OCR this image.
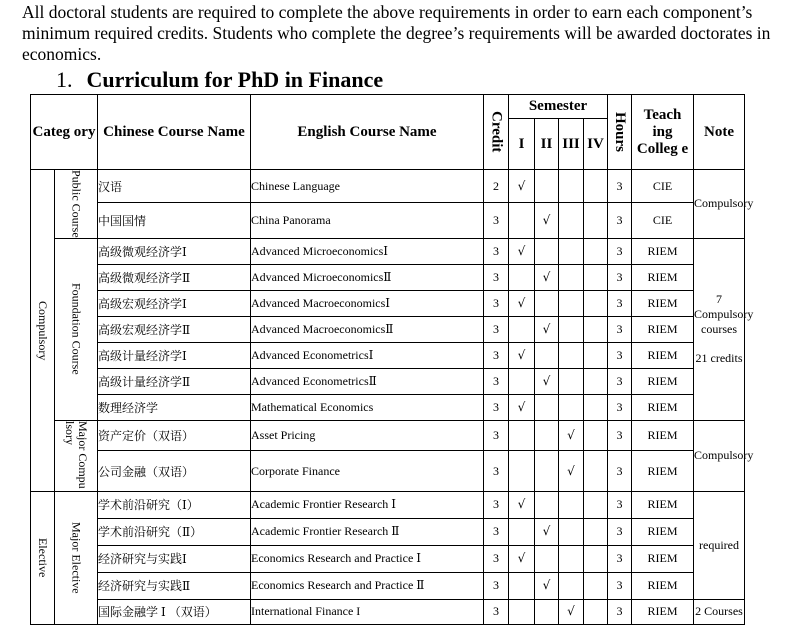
All doctoral students are required to complete the above requirements in order to earn each component’s minimum required credits. Students who complete the degree’s requirements will be awarded doctorates in economics.
1. Curriculum for PhD in Finance
Categ ory		Chinese Course Name	English Course Name	Credit	Semester				Hours	Teach ing Colleg e	Note
					I	II	III	IV			

Compulsory	Public Course	汉语	Chinese Language	2	√				3	CIE	Compulsory
		中国国情	China Panorama	3		√			3	CIE	

	Foundation Course	高级微观经济学Ⅰ	Advanced MicroeconomicsⅠ	3	√				3	RIEM	7
Compulsory courses
21 credits

		高级微观经济学Ⅱ	Advanced MicroeconomicsⅡ	3		√			3	RIEM	
		高级宏观经济学Ⅰ	Advanced MacroeconomicsⅠ	3	√				3	RIEM	
		高级宏观经济学Ⅱ	Advanced MacroeconomicsⅡ	3		√			3	RIEM	
		高级计量经济学Ⅰ	Advanced EconometricsⅠ	3	√				3	RIEM	
		高级计量经济学Ⅱ	Advanced EconometricsⅡ	3		√			3	RIEM	
		数理经济学	Mathematical Economics	3	√				3	RIEM	

	Major Compu lsory	资产定价（双语）	Asset Pricing	3			√		3	RIEM	Compulsory
		公司金融（双语）	Corporate Finance	3			√		3	RIEM	

Elective	Major Elective	学术前沿研究（Ⅰ）	Academic Frontier Research Ⅰ	3	√				3	RIEM	required
		学术前沿研究（Ⅱ）	Academic Frontier Research Ⅱ	3		√			3	RIEM	
		经济研究与实践Ⅰ	Economics Research and Practice Ⅰ	3	√				3	RIEM	
		经济研究与实践Ⅱ	Economics Research and Practice Ⅱ	3		√			3	RIEM	
		国际金融学 Ⅰ （双语）	International Finance I	3			√		3	RIEM	2 Courses
